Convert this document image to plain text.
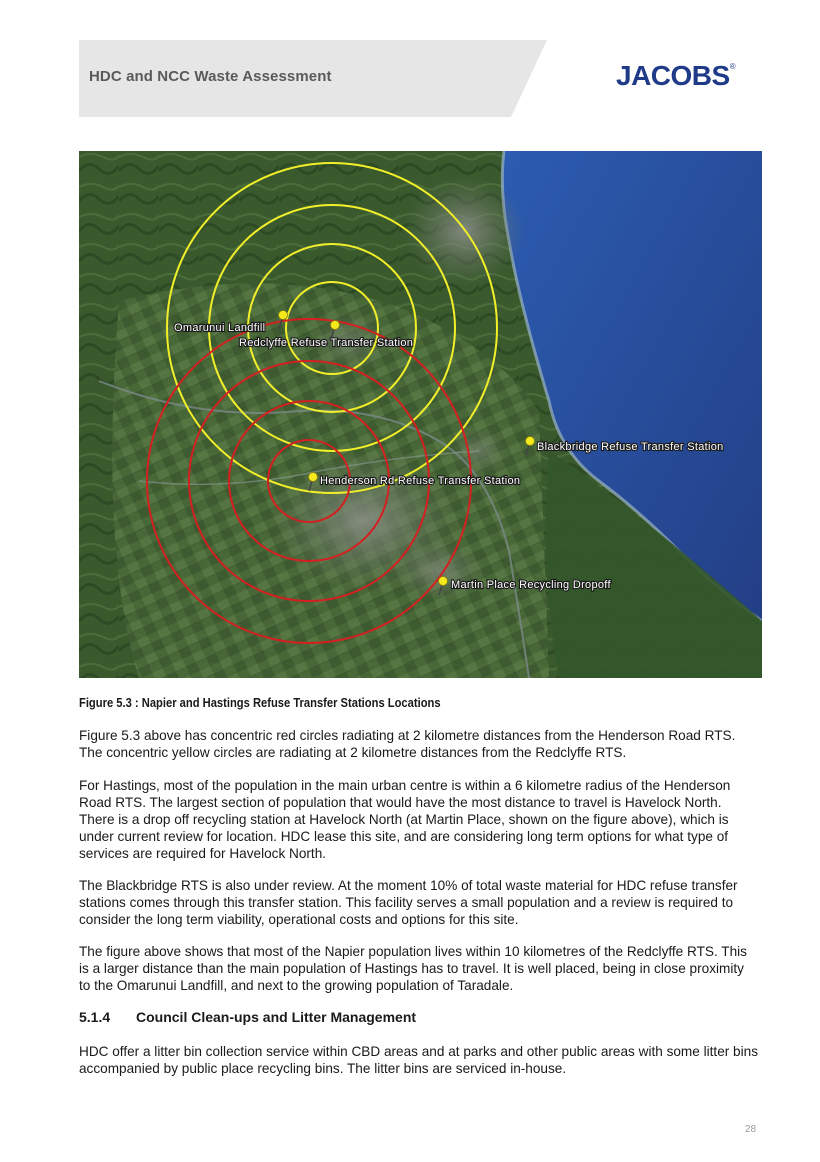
HDC and NCC Waste Assessment	JACOBS®
Omarunui Landfill
Redclyffe Refuse Transfer Station
Blackbridge Refuse Transfer Station
Henderson Rd Refuse Transfer Station
Martin Place Recycling Dropoff
Figure 5.3 : Napier and Hastings Refuse Transfer Stations Locations

Figure 5.3 above has concentric red circles radiating at 2 kilometre distances from the Henderson Road RTS. The concentric yellow circles are radiating at 2 kilometre distances from the Redclyffe RTS.

For Hastings, most of the population in the main urban centre is within a 6 kilometre radius of the Henderson Road RTS. The largest section of population that would have the most distance to travel is Havelock North. There is a drop off recycling station at Havelock North (at Martin Place, shown on the figure above), which is under current review for location. HDC lease this site, and are considering long term options for what type of services are required for Havelock North.

The Blackbridge RTS is also under review. At the moment 10% of total waste material for HDC refuse transfer stations comes through this transfer station. This facility serves a small population and a review is required to consider the long term viability, operational costs and options for this site.

The figure above shows that most of the Napier population lives within 10 kilometres of the Redclyffe RTS. This is a larger distance than the main population of Hastings has to travel. It is well placed, being in close proximity to the Omarunui Landfill, and next to the growing population of Taradale.

5.1.4 Council Clean-ups and Litter Management

HDC offer a litter bin collection service within CBD areas and at parks and other public areas with some litter bins accompanied by public place recycling bins. The litter bins are serviced in-house.

28
